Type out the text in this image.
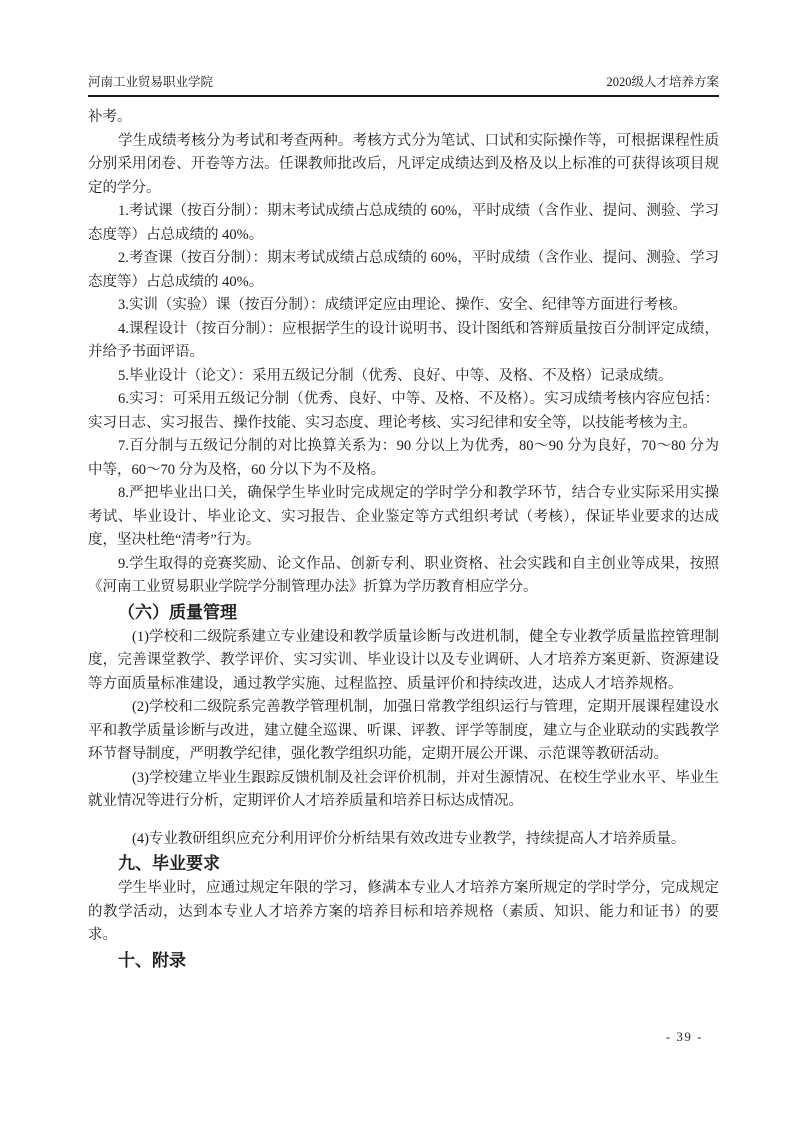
河南工业贸易职业学院	2020级人才培养方案

补考。

学生成绩考核分为考试和考查两种。考核方式分为笔试、口试和实际操作等，可根据课程性质分别采用闭卷、开卷等方法。任课教师批改后，凡评定成绩达到及格及以上标准的可获得该项目规定的学分。

1.考试课（按百分制）：期末考试成绩占总成绩的 60%，平时成绩（含作业、提问、测验、学习态度等）占总成绩的 40%。

2.考查课（按百分制）：期末考试成绩占总成绩的 60%，平时成绩（含作业、提问、测验、学习态度等）占总成绩的 40%。

3.实训（实验）课（按百分制）：成绩评定应由理论、操作、安全、纪律等方面进行考核。

4.课程设计（按百分制）：应根据学生的设计说明书、设计图纸和答辩质量按百分制评定成绩，并给予书面评语。

5.毕业设计（论文）：采用五级记分制（优秀、良好、中等、及格、不及格）记录成绩。

6.实习：可采用五级记分制（优秀、良好、中等、及格、不及格）。实习成绩考核内容应包括：实习日志、实习报告、操作技能、实习态度、理论考核、实习纪律和安全等，以技能考核为主。

7.百分制与五级记分制的对比换算关系为：90 分以上为优秀，80～90 分为良好，70～80 分为中等，60～70 分为及格，60 分以下为不及格。

8.严把毕业出口关，确保学生毕业时完成规定的学时学分和教学环节，结合专业实际采用实操考试、毕业设计、毕业论文、实习报告、企业鉴定等方式组织考试（考核），保证毕业要求的达成度，坚决杜绝“清考”行为。

9.学生取得的竞赛奖励、论文作品、创新专利、职业资格、社会实践和自主创业等成果，按照《河南工业贸易职业学院学分制管理办法》折算为学历教育相应学分。

（六）质量管理

(1)学校和二级院系建立专业建设和教学质量诊断与改进机制，健全专业教学质量监控管理制度，完善课堂教学、教学评价、实习实训、毕业设计以及专业调研、人才培养方案更新、资源建设等方面质量标准建设，通过教学实施、过程监控、质量评价和持续改进，达成人才培养规格。

(2)学校和二级院系完善教学管理机制，加强日常教学组织运行与管理，定期开展课程建设水平和教学质量诊断与改进，建立健全巡课、听课、评教、评学等制度，建立与企业联动的实践教学环节督导制度，严明教学纪律，强化教学组织功能，定期开展公开课、示范课等教研活动。

(3)学校建立毕业生跟踪反馈机制及社会评价机制，并对生源情况、在校生学业水平、毕业生就业情况等进行分析，定期评价人才培养质量和培养日标达成情况。

(4)专业教研组织应充分利用评价分析结果有效改进专业教学，持续提高人才培养质量。

九、毕业要求

学生毕业时，应通过规定年限的学习，修满本专业人才培养方案所规定的学时学分，完成规定的教学活动，达到本专业人才培养方案的培养目标和培养规格（素质、知识、能力和证书）的要求。

十、附录

- 39 -
